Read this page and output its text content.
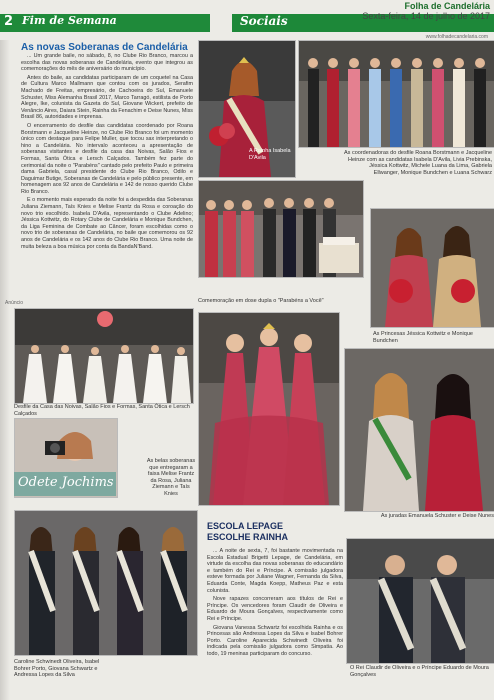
2 Fim de Semana	Sociais
Folha de Candelária
Sexta-feira, 14 de julho de 2017
www.folhadecandelaria.com
As novas Soberanas de Candelária

... Um grande baile, no sábado, 8, no Clube Rio Branco, marcou a escolha das novas soberanas de Candelária, evento que integrou as comemorações do mês de aniversário do município.

Antes do baile, as candidatas participaram de um coquetel na Casa de Cultura Marco Mallmann que contou com os jurados, Serafim Machado de Freitas, empresário, de Cachoeira do Sul, Emanuele Schuster, Miss Alemanha Brasil 2017, Marco Tarragó, estilista de Porto Alegre, Ike, colunista da Gazeta do Sul, Giovane Wickert, prefeito de Venâncio Aires, Daiara Stein, Rainha da Fenachim e Deise Nunes, Miss Brasil 86, autoridades e imprensa.

O encerramento do desfile das candidatas coordenado por Roana Borstmann e Jacqueline Heinze, no Clube Rio Branco foi um momento único com destaque para Felipe Muller, que tocou sax interpretando o hino a Candelária. No intervalo aconteceu a apresentação de soberanas visitantes e desfile da casa das Noivas, Salão Fios e Formas, Santa Ótica e Lersch Calçados. Também fez parte do cerimonial da noite o "Parabéns" cantado pelo prefeito Paulo e primeira dama Gabriela, casal presidente do Clube Rio Branco, Odilo e Daguimar Butige, Soberanas de Candelária e pelo público presente, em homenagem aos 92 anos de Candelária e 142 de nosso querido Clube Rio Branco.

E o momento mais esperado da noite foi a despedida das Soberanas Juliana Ziemann, Taís Knies e Melise Frantz da Rosa e coroação do novo trio escolhido. Isabela D'Avila, representando o Clube Adelino; Jéssica Kottwitz, do Rotary Clube de Candelária e Monique Bundchen, da Liga Feminina de Combate ao Câncer, foram escolhidas como o novo trio de soberanas de Candelária, no baile que comemorou os 92 anos de Candelária e os 142 anos do Clube Rio Branco. Uma noite de muita beleza a boa música por conta da BandaN'Band.

A Rainha Isabela D'Avila
As coordenadoras do desfile Roana Borstmann e Jacqueline Heinze com as candidatas Isabela D'Avila, Livia Prebinska, Jéssica Kottwitz, Michele Luana da Lima, Gabriela Ellwanger, Monique Bundchen e Luana Schwarz
Comemoração em dose dupla o "Parabéns a Você"
As Princesas Jéssica Kottwitz e Monique Bundchen
Anúncio
Desfile da Casa das Noivas, Salão Fios e Formas, Santa Ótica e Lersch Calçados
Odete Jochims
As belas soberanas que entregaram a faixa Melise Frantz da Rosa, Juliana Ziemann e Taís Knies
As juradas Emanuela Schuster e Deise Nunes
Caroline Schwinedt Oliveira, Isabel Bohrer Porto, Giovana Schwartz e Andressa Lopes da Silva
ESCOLA LEPAGE
ESCOLHE RAINHA

... A noite de sexta, 7, foi bastante movimentada na Escola Estadual Brigetti Lepage, de Candelária, em virtude da escolha das novas soberanas do educandário e também do Rei e Príncipe. A comissão julgadora esteve formada por Juliane Wagner, Fernanda da Silva, Eduarda Conte, Magda Koepp, Matheus Paz e esta colunista.

Nove rapazes concorreram aos títulos de Rei e Príncipe. Os vencedores foram Claudir de Oliveira e Eduardo de Moura Gonçalves, respectivamente como Rei e Príncipe.

Giovana Vanessa Schwartz foi escolhida Rainha e os Princesas são Andressa Lopes da Silva e Isabel Bohrer Porto. Caroline Aparecida Schwinedt Oliveira foi indicada pela comissão julgadora como Simpatia. Ao todo, 19 meninas participaram do concurso.

O Rei Claudir de Oliveira e o Príncipe Eduardo de Moura Gonçalves
